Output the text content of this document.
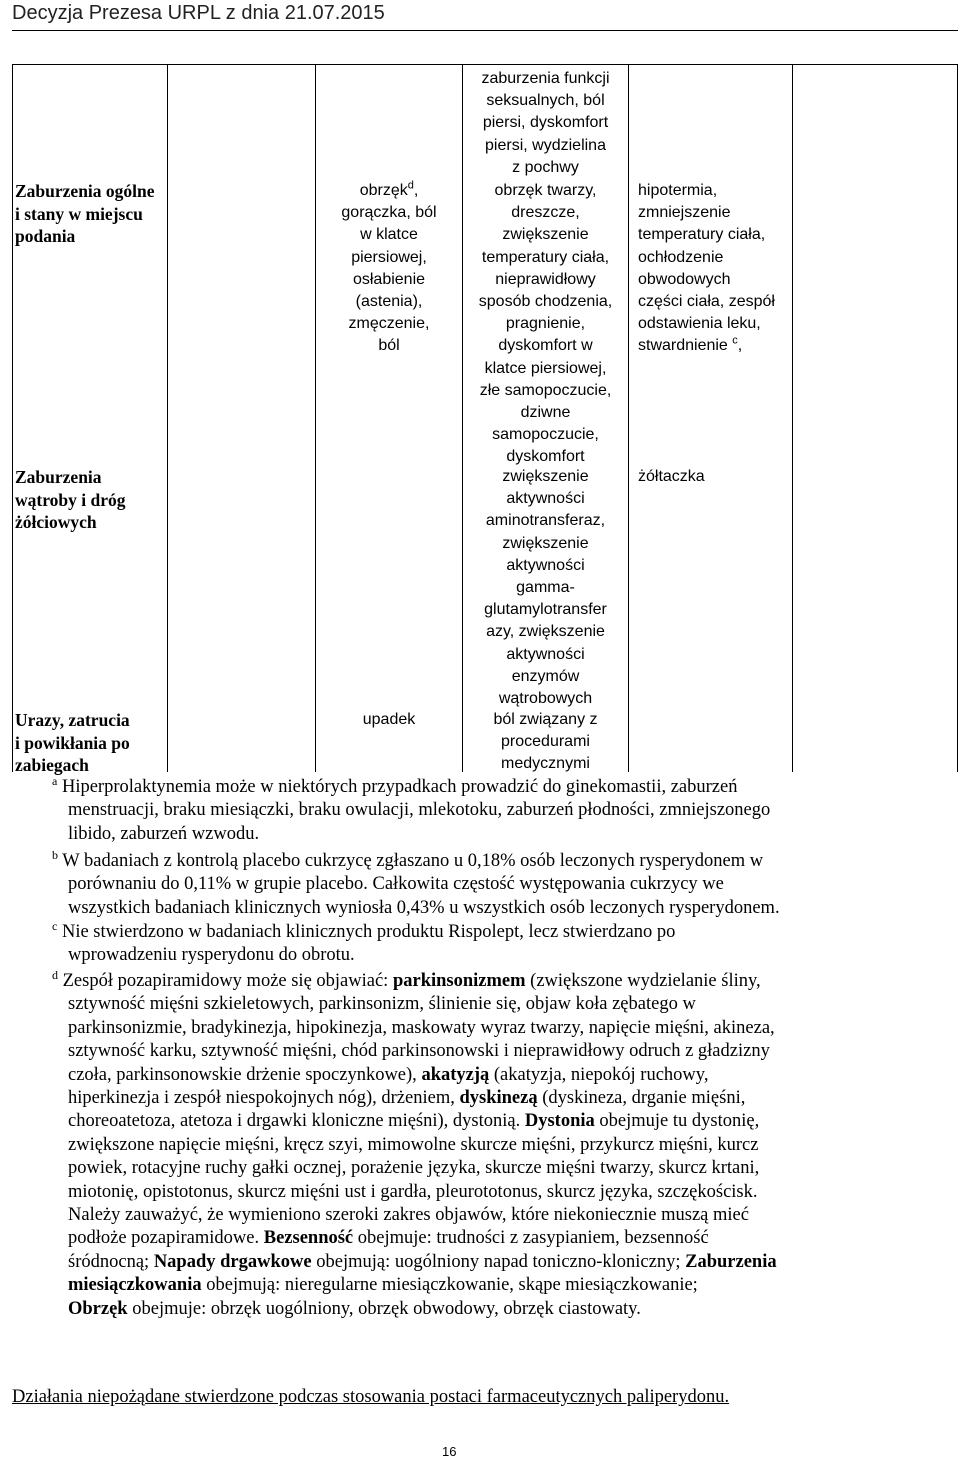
Decyzja Prezesa URPL z dnia 21.07.2015
zaburzenia funkcji
seksualnych, ból
piersi, dyskomfort
piersi, wydzielina
z pochwy
Zaburzenia ogólne
i stany w miejscu
podania
obrzęk$^d$,
gorączka, ból
w klatce
piersiowej,
osłabienie
(astenia),
zmęczenie,
ból
obrzęk twarzy,
dreszcze,
zwiększenie
temperatury ciała,
nieprawidłowy
sposób chodzenia,
pragnienie,
dyskomfort w
klatce piersiowej,
złe samopoczucie,
dziwne
samopoczucie,
dyskomfort
hipotermia,
zmniejszenie
temperatury ciała,
ochłodzenie
obwodowych
części ciała, zespół
odstawienia leku,
stwardnienie $^c$,
Zaburzenia
wątroby i dróg
żółciowych
zwiększenie
aktywności
aminotransferaz,
zwiększenie
aktywności
gamma-
glutamylotransfer
azy, zwiększenie
aktywności
enzymów
wątrobowych
żółtaczka
Urazy, zatrucia
i powikłania po
zabiegach
upadek	ból związany z
procedurami
medycznymi
$^a$ Hiperprolaktynemia może w niektórych przypadkach prowadzić do ginekomastii, zaburzeń
menstruacji, braku miesiączki, braku owulacji, mlekotoku, zaburzeń płodności, zmniejszonego
libido, zaburzeń wzwodu.
$^b$ W badaniach z kontrolą placebo cukrzycę zgłaszano u 0,18% osób leczonych rysperydonem w
porównaniu do 0,11% w grupie placebo. Całkowita częstość występowania cukrzycy we
wszystkich badaniach klinicznych wyniosła 0,43% u wszystkich osób leczonych rysperydonem.
$^c$ Nie stwierdzono w badaniach klinicznych produktu Rispolept, lecz stwierdzano po
wprowadzeniu rysperydonu do obrotu.
$^d$ Zespół pozapiramidowy może się objawiać: parkinsonizmem (zwiększone wydzielanie śliny,
sztywność mięśni szkieletowych, parkinsonizm, ślinienie się, objaw koła zębatego w
parkinsonizmie, bradykinezja, hipokinezja, maskowaty wyraz twarzy, napięcie mięśni, akineza,
sztywność karku, sztywność mięśni, chód parkinsonowski i nieprawidłowy odruch z gładzizny
czoła, parkinsonowskie drżenie spoczynkowe), akatyzją (akatyzja, niepokój ruchowy,
hiperkinezja i zespół niespokojnych nóg), drżeniem, dyskinezą (dyskineza, drganie mięśni,
choreoatetoza, atetoza i drgawki kloniczne mięśni), dystonią. Dystonia obejmuje tu dystonię,
zwiększone napięcie mięśni, kręcz szyi, mimowolne skurcze mięśni, przykurcz mięśni, kurcz
powiek, rotacyjne ruchy gałki ocznej, porażenie języka, skurcze mięśni twarzy, skurcz krtani,
miotonię, opistotonus, skurcz mięśni ust i gardła, pleurototonus, skurcz języka, szczękościsk.
Należy zauważyć, że wymieniono szeroki zakres objawów, które niekoniecznie muszą mieć
podłoże pozapiramidowe. Bezsenność obejmuje: trudności z zasypianiem, bezsenność
śródnocną; Napady drgawkowe obejmują: uogólniony napad toniczno-kloniczny; Zaburzenia
miesiączkowania obejmują: nieregularne miesiączkowanie, skąpe miesiączkowanie;
Obrzęk obejmuje: obrzęk uogólniony, obrzęk obwodowy, obrzęk ciastowaty.
Działania niepożądane stwierdzone podczas stosowania postaci farmaceutycznych paliperydonu.
16
